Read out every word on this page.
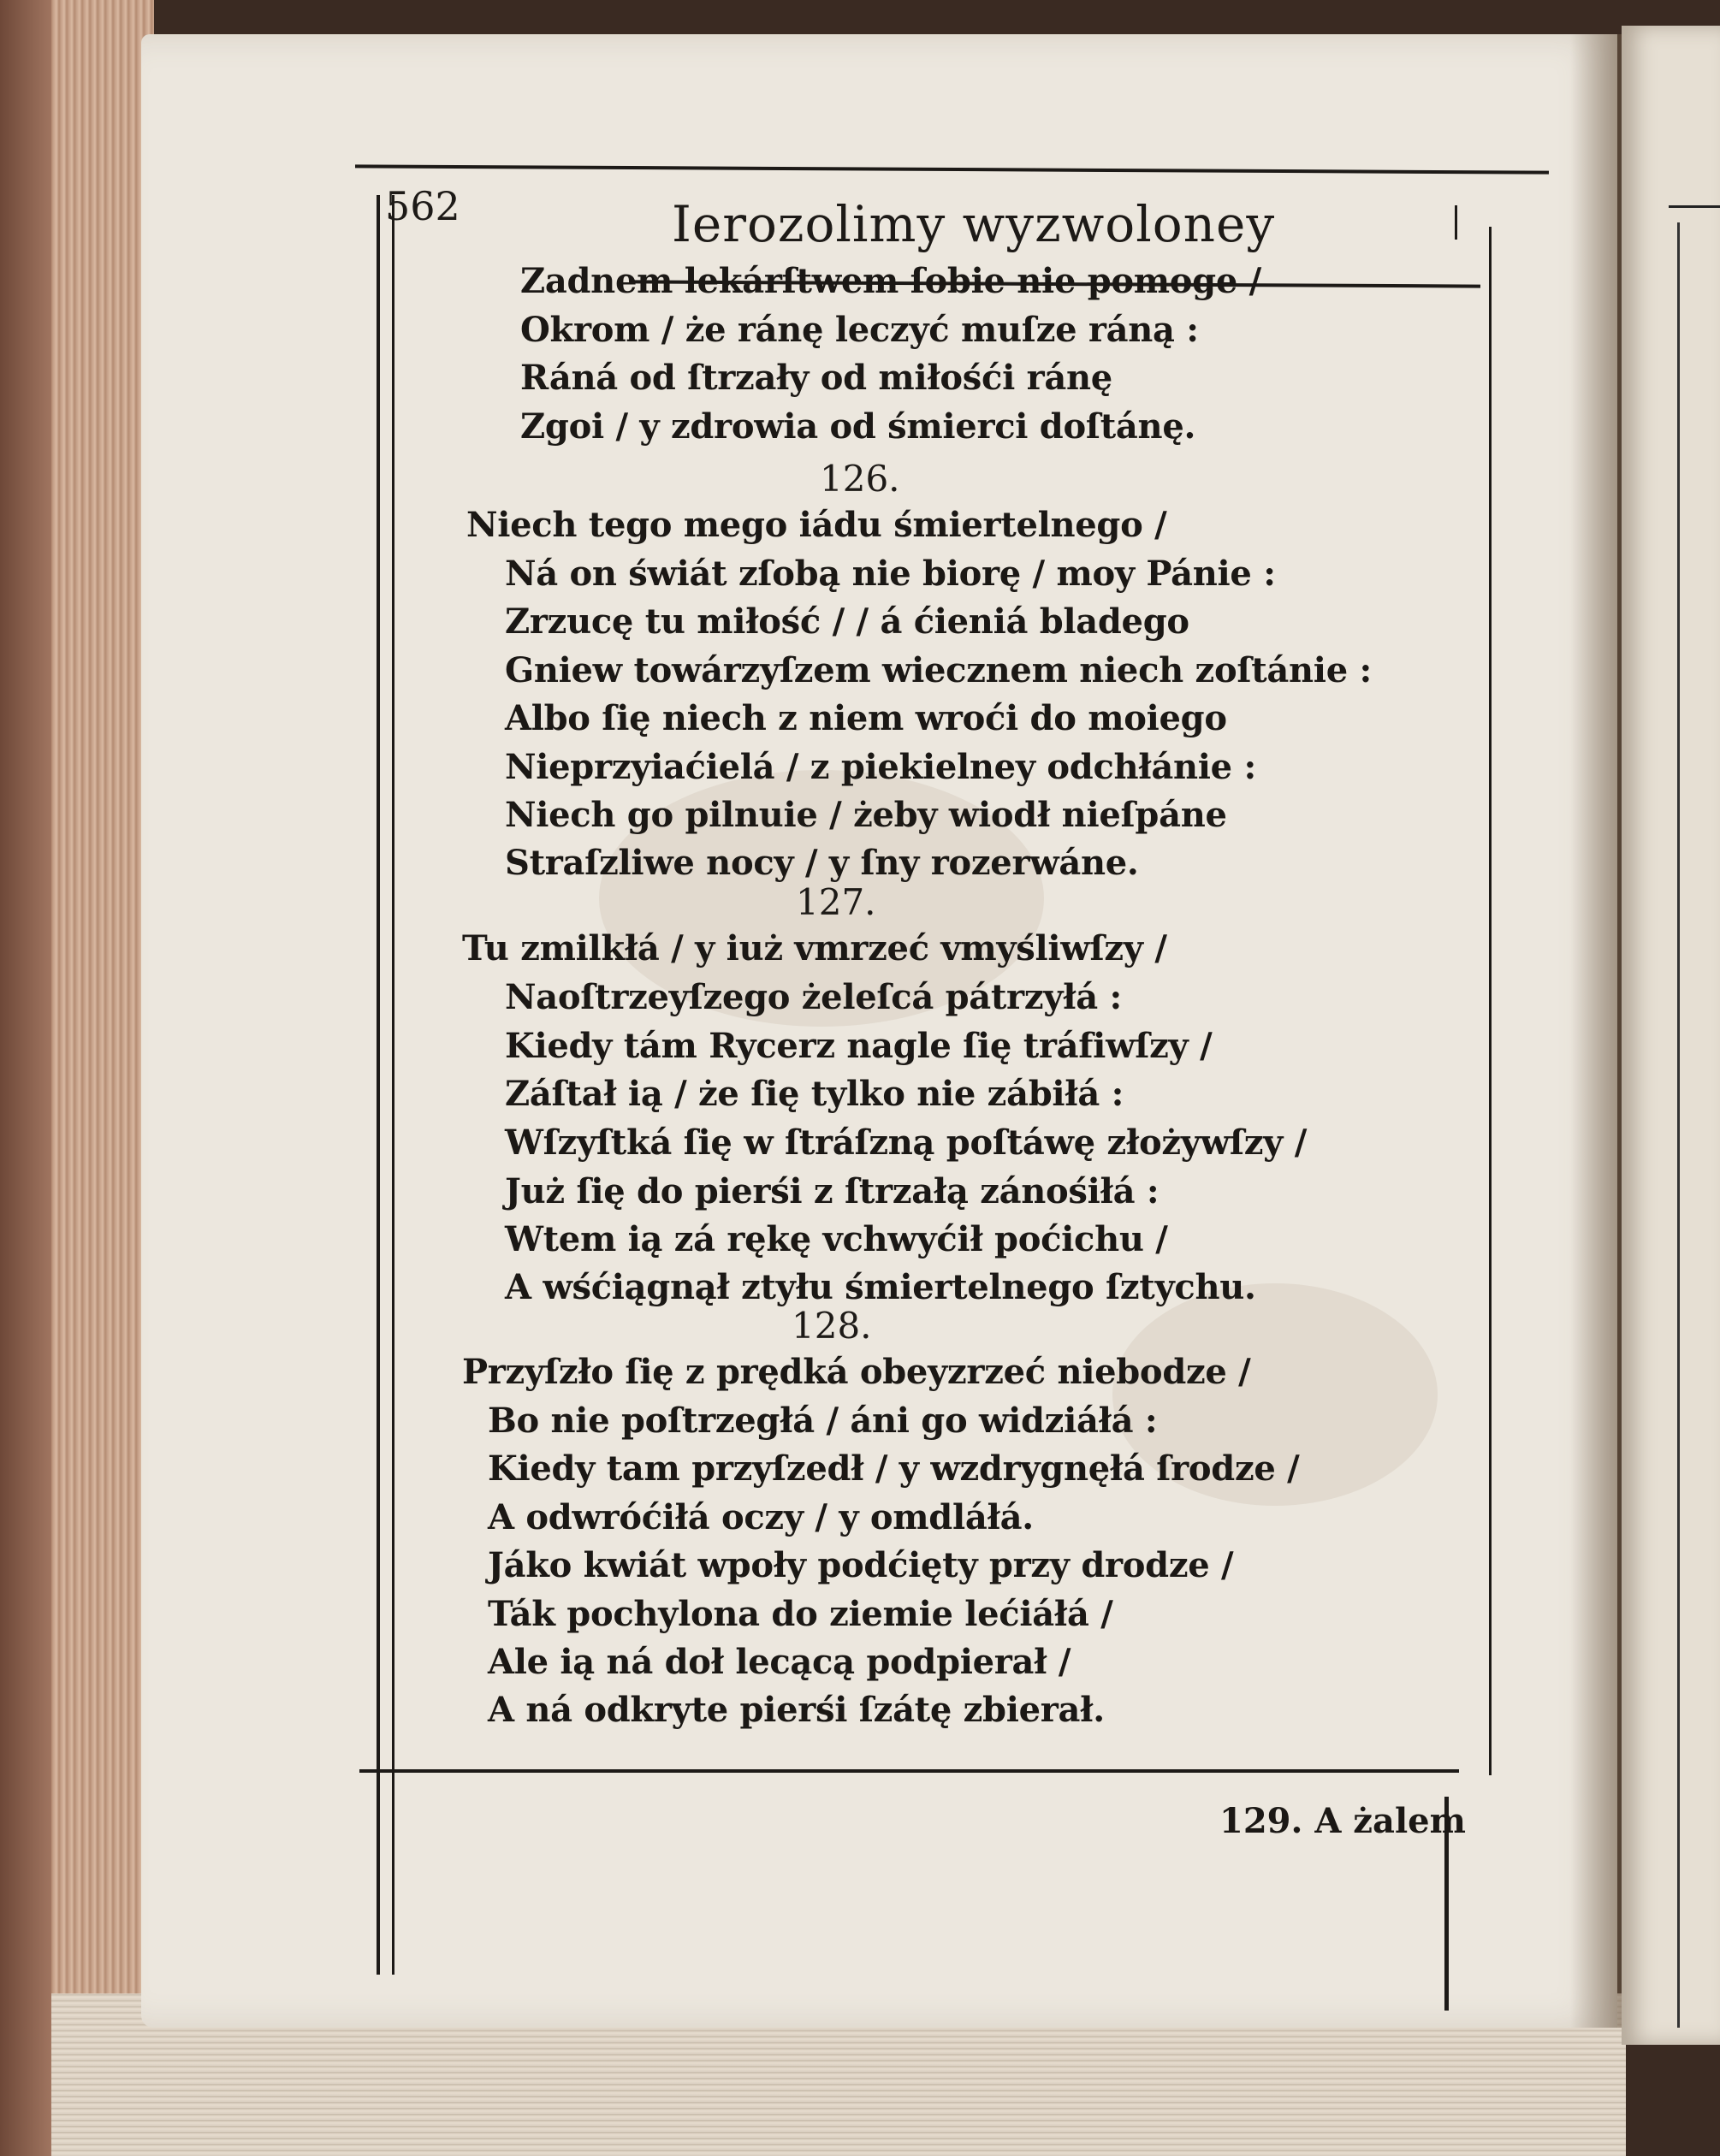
562	Ierozolimy wyzwoloney
Zadnem lekárſtwem ſobie nie pomoge /
Okrom / że ránę leczyć muſze ráną :
Ráná od ſtrzały od miłośći ránę
Zgoi / y zdrowia od śmierci doſtánę.
126.
Niech tego mego iádu śmiertelnego /
Ná on świát zſobą nie biorę / moy Pánie :
Zrzucę tu miłość / / á ćieniá bladego
Gniew towárzyſzem wiecznem niech zoſtánie :
Albo ſię niech z niem wroći do moiego
Nieprzyiaćielá / z piekielney odchłánie :
Niech go pilnuie / żeby wiodł nieſpáne
Straſzliwe nocy / y ſny rozerwáne.
127.
Tu zmilkłá / y iuż vmrzeć vmyśliwſzy /
Naoſtrzeyſzego żeleſcá pátrzyłá :
Kiedy tám Rycerz nagle ſię tráfiwſzy /
Záſtał ią / że ſię tylko nie zábiłá :
Wſzyſtká ſię w ſtráſzną poſtáwę złożywſzy /
Już ſię do pierśi z ſtrzałą zánośiłá :
Wtem ią zá rękę vchwyćił poćichu /
A wśćiągnął ztyłu śmiertelnego ſztychu.
128.
Przyſzło ſię z prędká obeyzrzeć niebodze /
Bo nie poſtrzegłá / áni go widziáłá :
Kiedy tam przyſzedł / y wzdrygnęłá ſrodze /
A odwróćiłá oczy / y omdláłá.
Jáko kwiát wpoły podćięty przy drodze /
Ták pochylona do ziemie lećiáłá /
Ale ią ná doł lecącą podpierał /
A ná odkryte pierśi ſzátę zbierał.
129. A żalem
